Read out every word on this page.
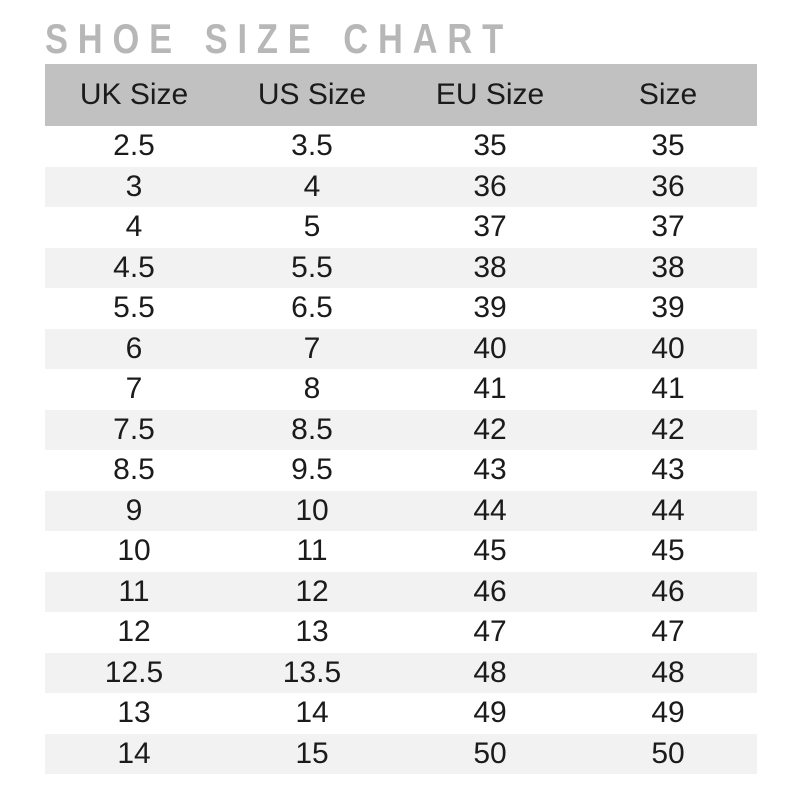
SHOE SIZE CHART
UK Size	US Size	EU Size	Size
2.5	3.5	35	35
3	4	36	36
4	5	37	37
4.5	5.5	38	38
5.5	6.5	39	39
6	7	40	40
7	8	41	41
7.5	8.5	42	42
8.5	9.5	43	43
9	10	44	44
10	11	45	45
11	12	46	46
12	13	47	47
12.5	13.5	48	48
13	14	49	49
14	15	50	50
